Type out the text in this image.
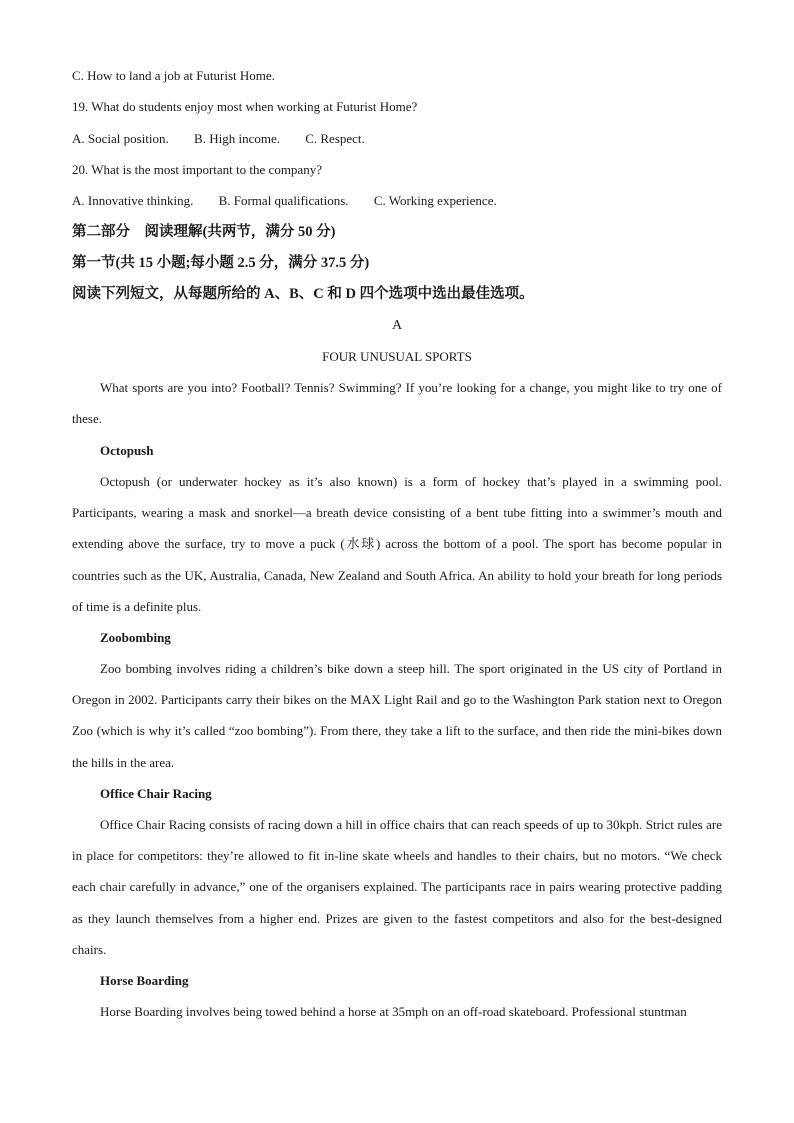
C. How to land a job at Futurist Home.
19. What do students enjoy most when working at Futurist Home?
A. Social position. B. High income. C. Respect.
20. What is the most important to the company?
A. Innovative thinking. B. Formal qualifications. C. Working experience.
第二部分　阅读理解(共两节，满分 50 分)
第一节(共 15 小题;每小题 2.5 分，满分 37.5 分)
阅读下列短文，从每题所给的 A、B、C 和 D 四个选项中选出最佳选项。
A
FOUR UNUSUAL SPORTS

What sports are you into? Football? Tennis? Swimming? If you’re looking for a change, you might like to try one of these.

Octopush

Octopush (or underwater hockey as it’s also known) is a form of hockey that’s played in a swimming pool. Participants, wearing a mask and snorkel—a breath device consisting of a bent tube fitting into a swimmer’s mouth and extending above the surface, try to move a puck (水球) across the bottom of a pool. The sport has become popular in countries such as the UK, Australia, Canada, New Zealand and South Africa. An ability to hold your breath for long periods of time is a definite plus.

Zoobombing

Zoo bombing involves riding a children’s bike down a steep hill. The sport originated in the US city of Portland in Oregon in 2002. Participants carry their bikes on the MAX Light Rail and go to the Washington Park station next to Oregon Zoo (which is why it’s called “zoo bombing”). From there, they take a lift to the surface, and then ride the mini-bikes down the hills in the area.

Office Chair Racing

Office Chair Racing consists of racing down a hill in office chairs that can reach speeds of up to 30kph. Strict rules are in place for competitors: they’re allowed to fit in-line skate wheels and handles to their chairs, but no motors. “We check each chair carefully in advance,” one of the organisers explained. The participants race in pairs wearing protective padding as they launch themselves from a higher end. Prizes are given to the fastest competitors and also for the best-designed chairs.

Horse Boarding

Horse Boarding involves being towed behind a horse at 35mph on an off-road skateboard. Professional stuntman
